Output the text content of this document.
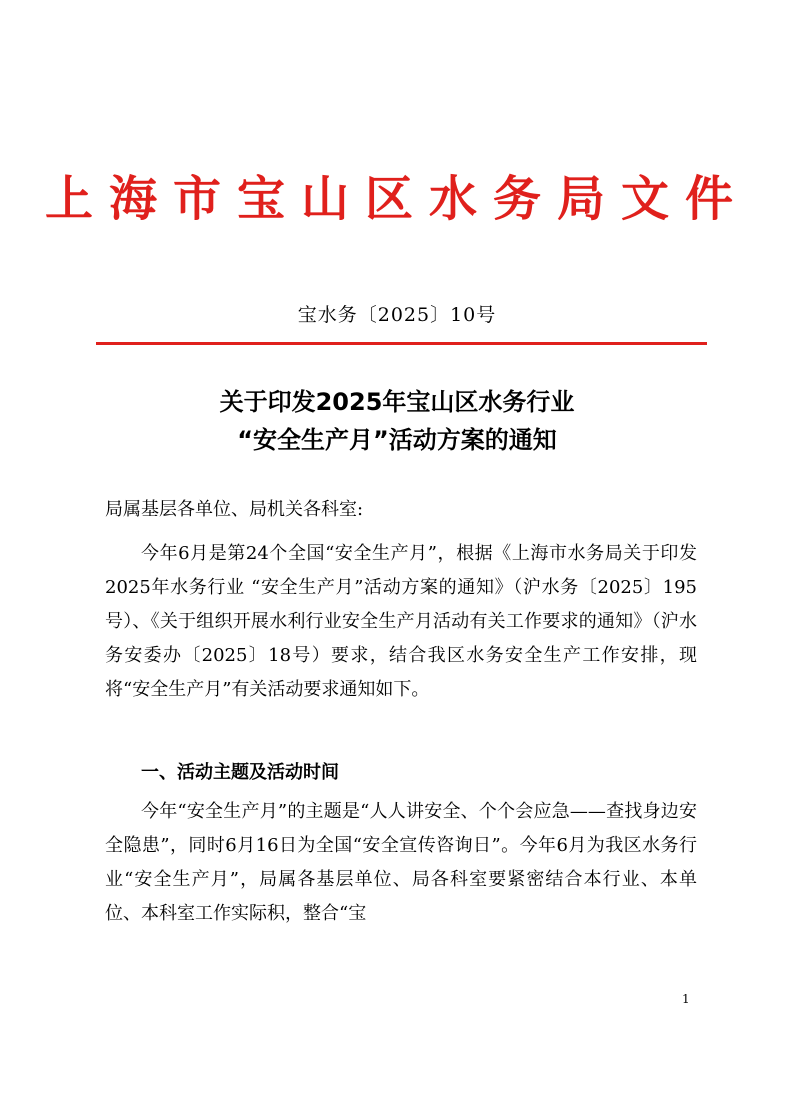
上海市宝山区水务局文件
宝水务〔2025〕10号
关于印发2025年宝山区水务行业
“安全生产月”活动方案的通知
局属基层各单位、局机关各科室:
今年6月是第24个全国“安全生产月”，根据《上海市水务局关于印发2025年水务行业 “安全生产月”活动方案的通知》（沪水务〔2025〕195号）、《关于组织开展水利行业安全生产月活动有关工作要求的通知》（沪水务安委办〔2025〕18号）要求，结合我区水务安全生产工作安排，现将“安全生产月”有关活动要求通知如下。
一、活动主题及活动时间
今年“安全生产月”的主题是“人人讲安全、个个会应急——查找身边安全隐患”，同时6月16日为全国“安全宣传咨询日”。今年6月为我区水务行业“安全生产月”，局属各基层单位、局各科室要紧密结合本行业、本单位、本科室工作实际积，整合“宝
1
